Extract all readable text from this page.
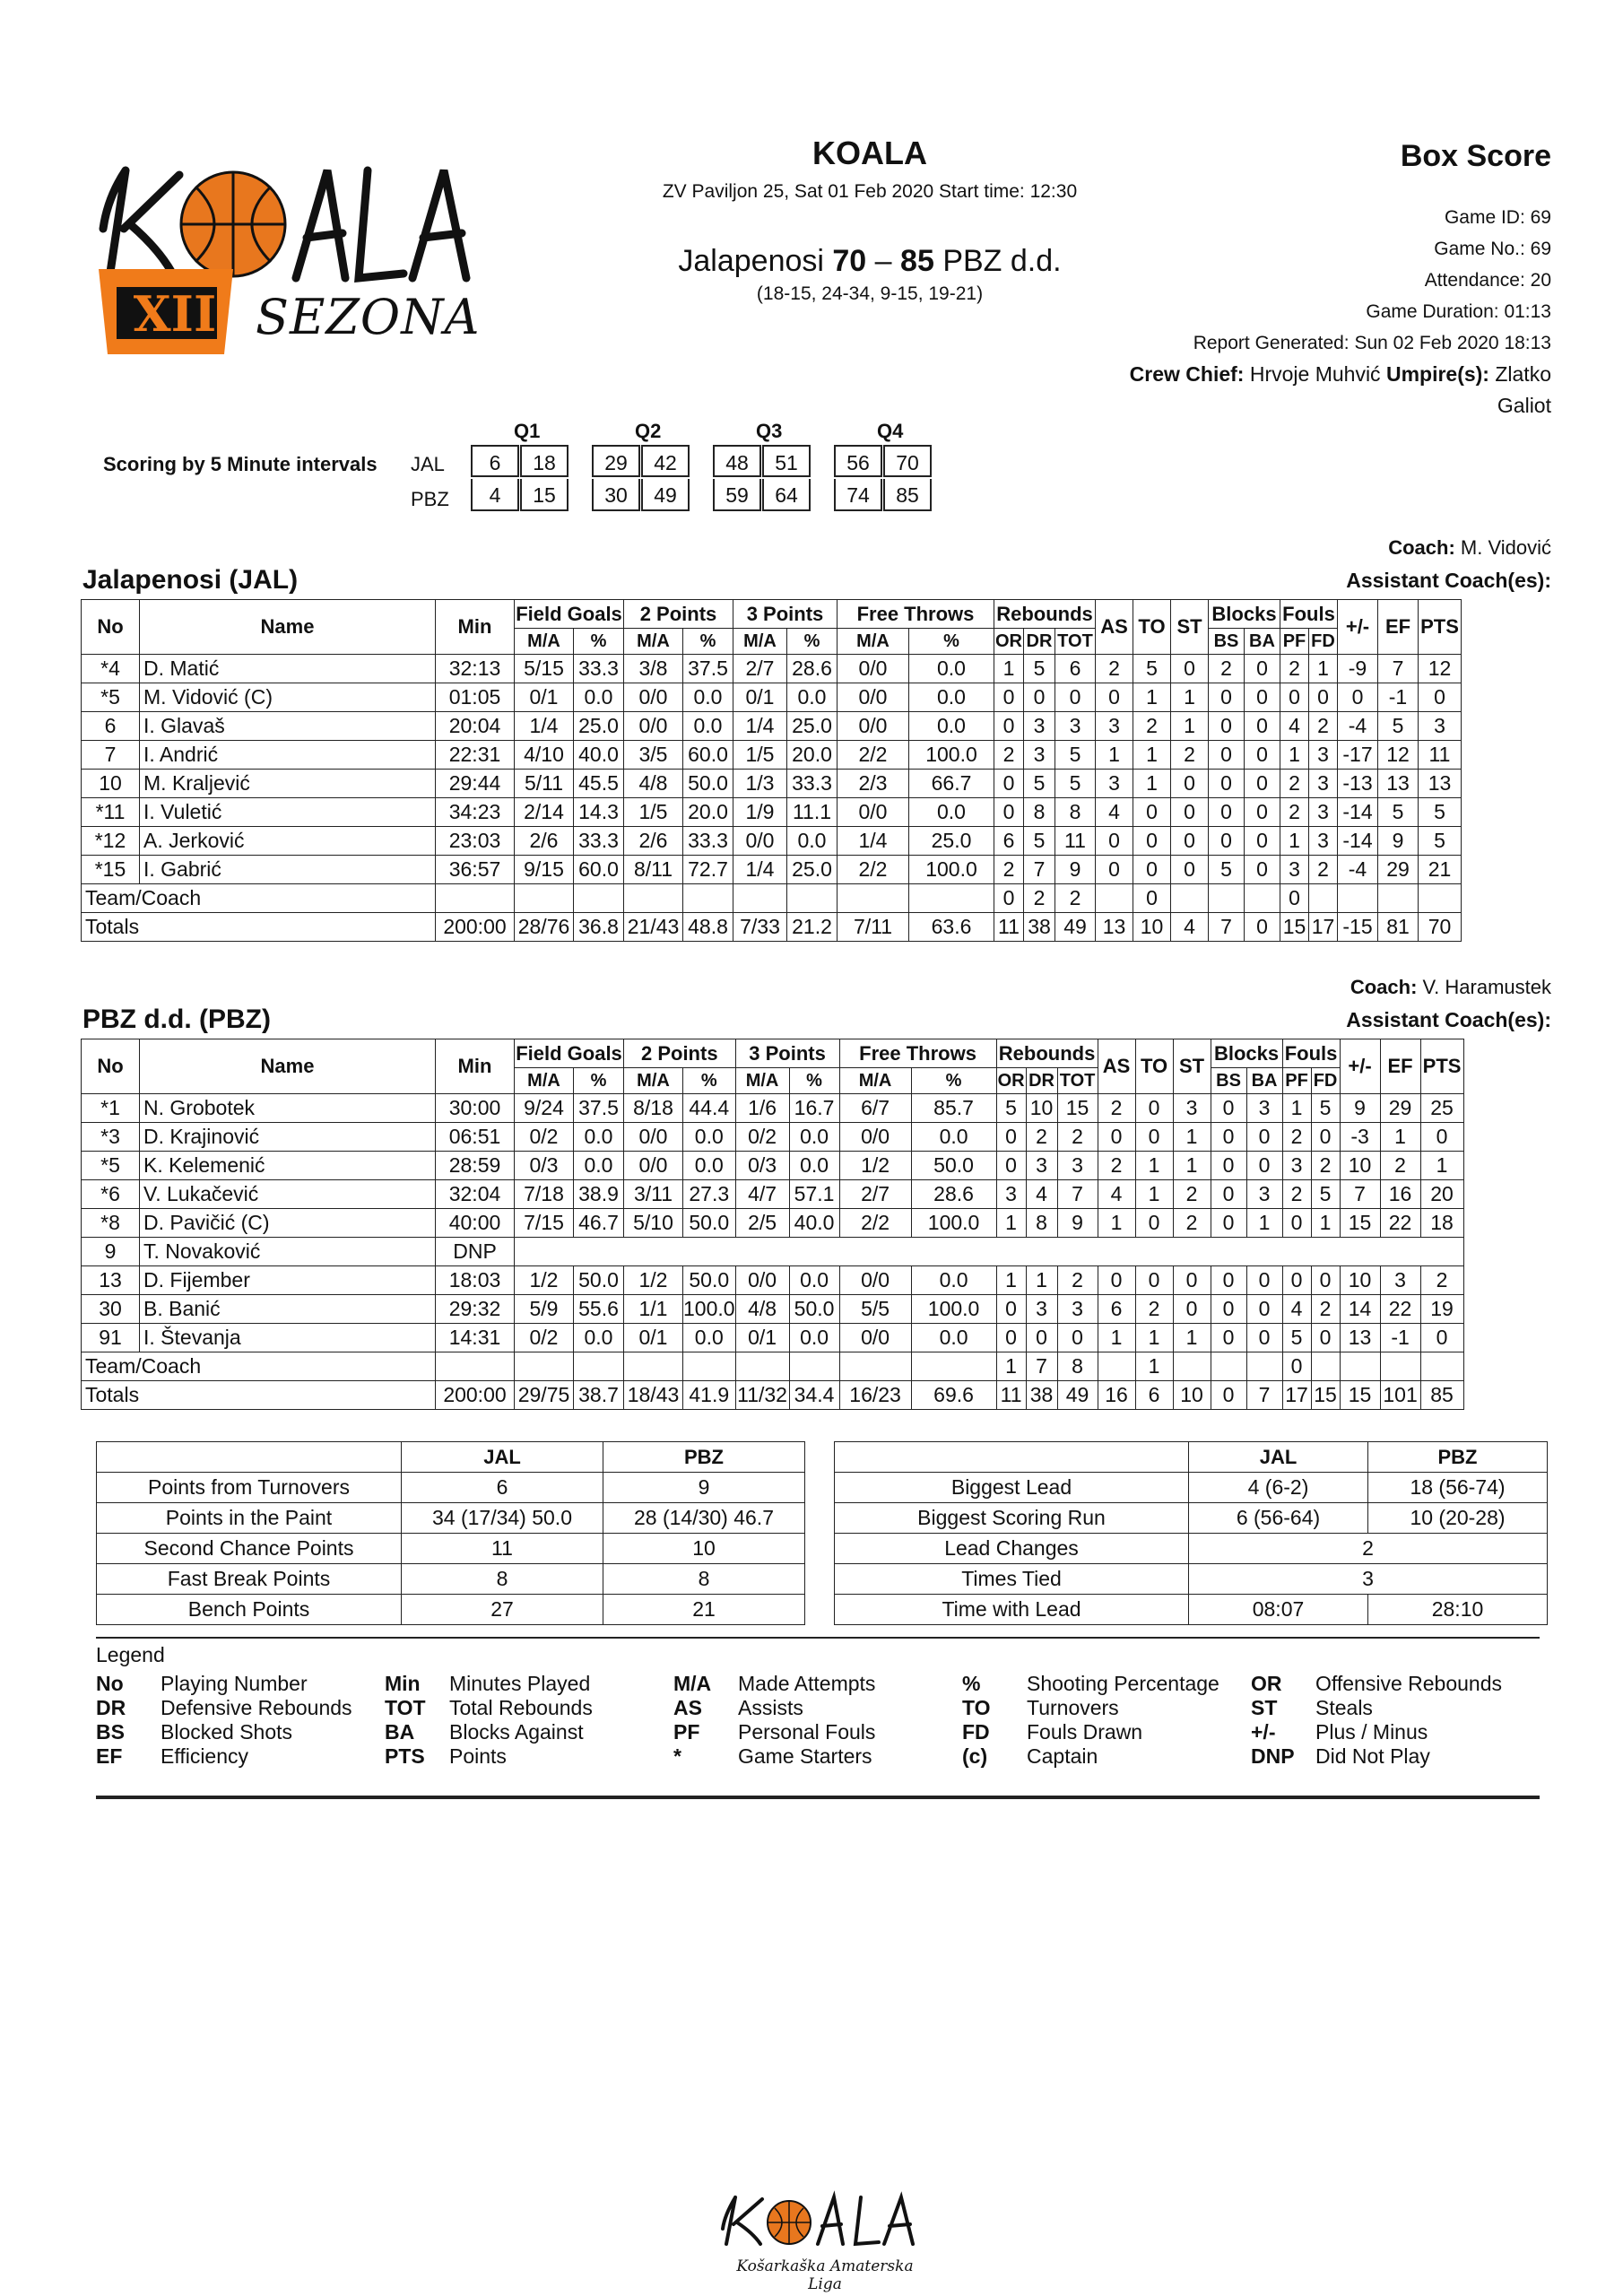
XII SEZONA
KOALA
ZV Paviljon 25, Sat 01 Feb 2020 Start time: 12:30
Jalapenosi 70 – 85 PBZ d.d.
(18-15, 24-34, 9-15, 19-21)
Box Score
Game ID: 69
Game No.: 69
Attendance: 20
Game Duration: 01:13
Report Generated: Sun 02 Feb 2020 18:13
Crew Chief: Hrvoje Muhvić Umpire(s): Zlatko Galiot
Scoring by 5 Minute intervals
Q1	Q2	Q3	Q4
JAL
PBZ
6	18	29	42	48	51	56	70
4	15	30	49	59	64	74	85
Coach: M. Vidović
Jalapenosi (JAL)	Assistant Coach(es):
No	Name	Min	Field Goals		2 Points		3 Points		Free Throws		Rebounds			AS	TO	ST	Blocks		Fouls		+/-	EF	PTS
			M/A	%	M/A	%	M/A	%	M/A	%	OR	DR	TOT				BS	BA	PF	FD			
*4	D. Matić	32:13	5/15	33.3	3/8	37.5	2/7	28.6	0/0	0.0	1	5	6	2	5	0	2	0	2	1	-9	7	12
*5	M. Vidović (C)	01:05	0/1	0.0	0/0	0.0	0/1	0.0	0/0	0.0	0	0	0	0	1	1	0	0	0	0	0	-1	0
6	I. Glavaš	20:04	1/4	25.0	0/0	0.0	1/4	25.0	0/0	0.0	0	3	3	3	2	1	0	0	4	2	-4	5	3
7	I. Andrić	22:31	4/10	40.0	3/5	60.0	1/5	20.0	2/2	100.0	2	3	5	1	1	2	0	0	1	3	-17	12	11
10	M. Kraljević	29:44	5/11	45.5	4/8	50.0	1/3	33.3	2/3	66.7	0	5	5	3	1	0	0	0	2	3	-13	13	13
*11	I. Vuletić	34:23	2/14	14.3	1/5	20.0	1/9	11.1	0/0	0.0	0	8	8	4	0	0	0	0	2	3	-14	5	5
*12	A. Jerković	23:03	2/6	33.3	2/6	33.3	0/0	0.0	1/4	25.0	6	5	11	0	0	0	0	0	1	3	-14	9	5
*15	I. Gabrić	36:57	9/15	60.0	8/11	72.7	1/4	25.0	2/2	100.0	2	7	9	0	0	0	5	0	3	2	-4	29	21
Team/Coach											0	2	2		0				0				
Totals		200:00	28/76	36.8	21/43	48.8	7/33	21.2	7/11	63.6	11	38	49	13	10	4	7	0	15	17	-15	81	70
Coach: V. Haramustek
PBZ d.d. (PBZ)	Assistant Coach(es):
No	Name	Min	Field Goals		2 Points		3 Points		Free Throws		Rebounds			AS	TO	ST	Blocks		Fouls		+/-	EF	PTS
			M/A	%	M/A	%	M/A	%	M/A	%	OR	DR	TOT				BS	BA	PF	FD			
*1	N. Grobotek	30:00	9/24	37.5	8/18	44.4	1/6	16.7	6/7	85.7	5	10	15	2	0	3	0	3	1	5	9	29	25
*3	D. Krajinović	06:51	0/2	0.0	0/0	0.0	0/2	0.0	0/0	0.0	0	2	2	0	0	1	0	0	2	0	-3	1	0
*5	K. Kelemenić	28:59	0/3	0.0	0/0	0.0	0/3	0.0	1/2	50.0	0	3	3	2	1	1	0	0	3	2	10	2	1
*6	V. Lukačević	32:04	7/18	38.9	3/11	27.3	4/7	57.1	2/7	28.6	3	4	7	4	1	2	0	3	2	5	7	16	20
*8	D. Pavičić (C)	40:00	7/15	46.7	5/10	50.0	2/5	40.0	2/2	100.0	1	8	9	1	0	2	0	1	0	1	15	22	18
9	T. Novaković	DNP																					
13	D. Fijember	18:03	1/2	50.0	1/2	50.0	0/0	0.0	0/0	0.0	1	1	2	0	0	0	0	0	0	0	10	3	2
30	B. Banić	29:32	5/9	55.6	1/1	100.0	4/8	50.0	5/5	100.0	0	3	3	6	2	0	0	0	4	2	14	22	19
91	I. Števanja	14:31	0/2	0.0	0/1	0.0	0/1	0.0	0/0	0.0	0	0	0	1	1	1	0	0	5	0	13	-1	0
Team/Coach											1	7	8		1				0				
Totals		200:00	29/75	38.7	18/43	41.9	11/32	34.4	16/23	69.6	11	38	49	16	6	10	0	7	17	15	15	101	85
	JAL	PBZ
Points from Turnovers	6	9
Points in the Paint	34 (17/34) 50.0	28 (14/30) 46.7
Second Chance Points	11	10
Fast Break Points	8	8
Bench Points	27	21
	JAL	PBZ
Biggest Lead	4 (6-2)	18 (56-74)
Biggest Scoring Run	6 (56-64)	10 (20-28)
Lead Changes	2	
Times Tied	3	
Time with Lead	08:07	28:10
Legend
No	Playing Number	Min	Minutes Played	M/A	Made Attempts	%	Shooting Percentage	OR	Offensive Rebounds
DR	Defensive Rebounds	TOT	Total Rebounds	AS	Assists	TO	Turnovers	ST	Steals
BS	Blocked Shots	BA	Blocks Against	PF	Personal Fouls	FD	Fouls Drawn	+/-	Plus / Minus
EF	Efficiency	PTS	Points	*	Game Starters	(c)	Captain	DNP	Did Not Play
Košarkaška Amaterska Liga
